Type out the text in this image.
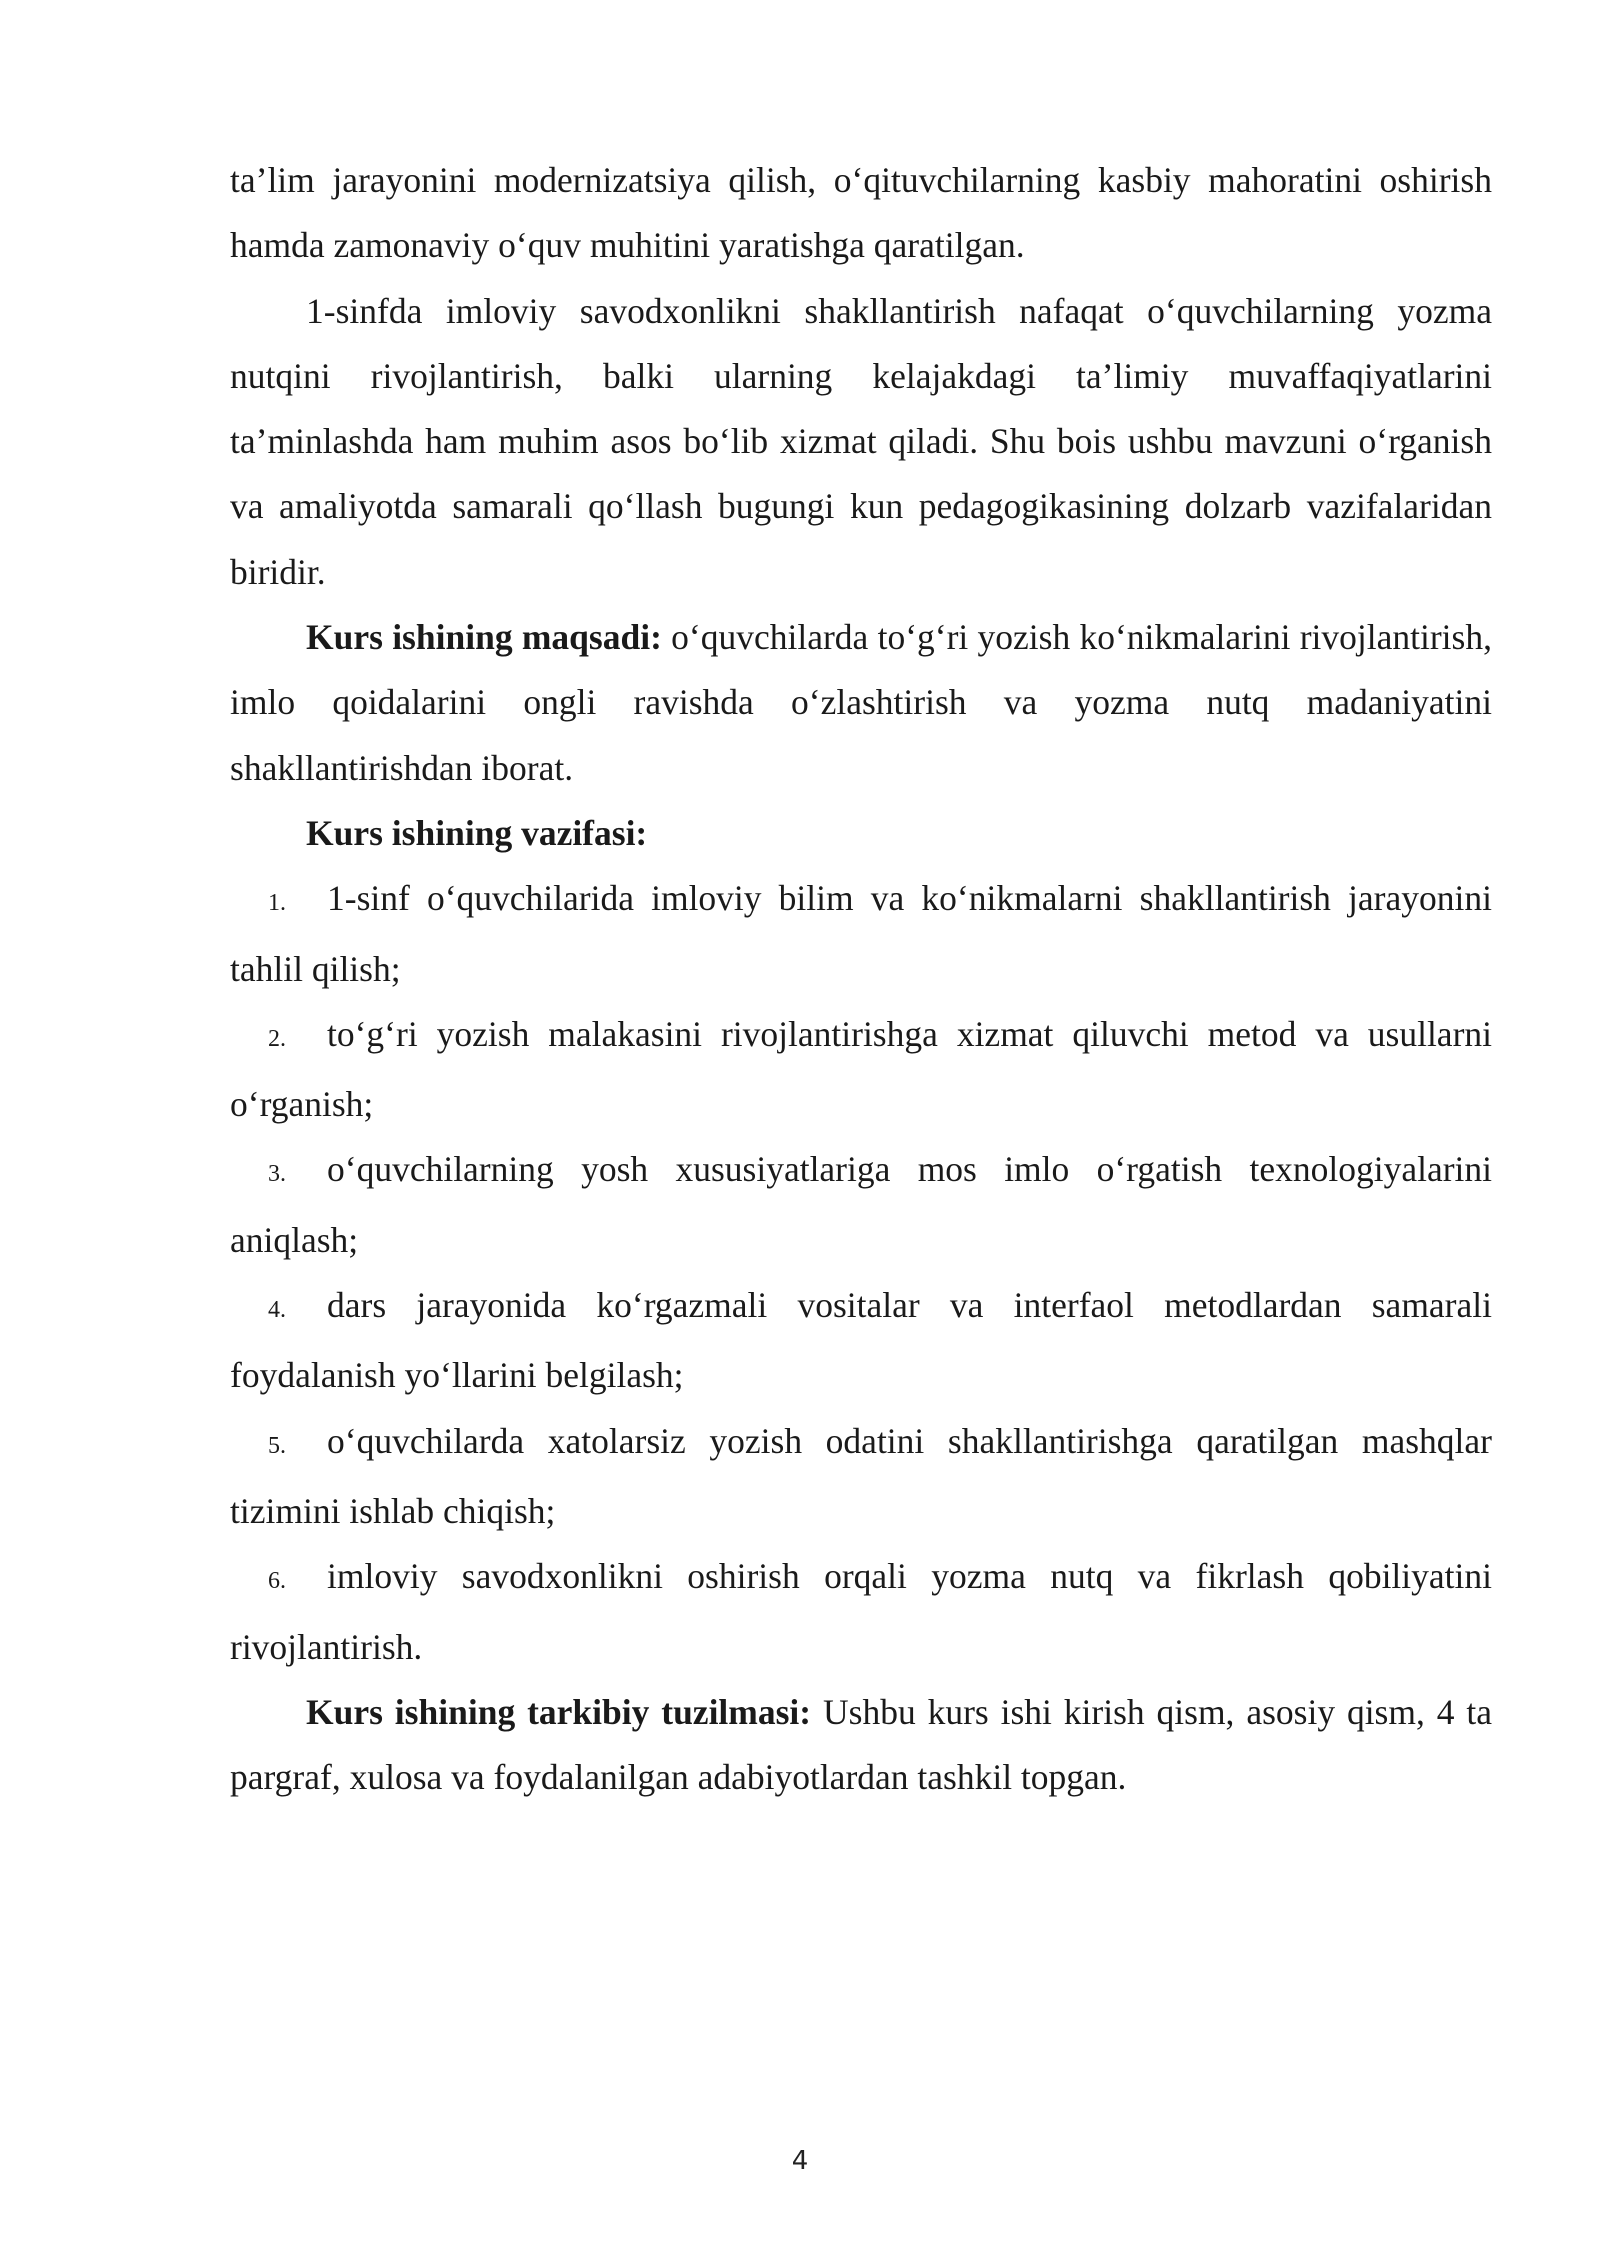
ta’lim jarayonini modernizatsiya qilish, o‘qituvchilarning kasbiy mahoratini oshirish hamda zamonaviy o‘quv muhitini yaratishga qaratilgan.

1-sinfda imloviy savodxonlikni shakllantirish nafaqat o‘quvchilarning yozma nutqini rivojlantirish, balki ularning kelajakdagi ta’limiy muvaffaqiyatlarini ta’minlashda ham muhim asos bo‘lib xizmat qiladi. Shu bois ushbu mavzuni o‘rganish va amaliyotda samarali qo‘llash bugungi kun pedagogikasining dolzarb vazifalaridan biridir.

Kurs ishining maqsadi: o‘quvchilarda to‘g‘ri yozish ko‘nikmalarini rivojlantirish, imlo qoidalarini ongli ravishda o‘zlashtirish va yozma nutq madaniyatini shakllantirishdan iborat.

Kurs ishining vazifasi:

1. 1-sinf o‘quvchilarida imloviy bilim va ko‘nikmalarni shakllantirish jarayonini tahlil qilish;

2. to‘g‘ri yozish malakasini rivojlantirishga xizmat qiluvchi metod va usullarni o‘rganish;

3. o‘quvchilarning yosh xususiyatlariga mos imlo o‘rgatish texnologiyalarini aniqlash;

4. dars jarayonida ko‘rgazmali vositalar va interfaol metodlardan samarali foydalanish yo‘llarini belgilash;

5. o‘quvchilarda xatolarsiz yozish odatini shakllantirishga qaratilgan mashqlar tizimini ishlab chiqish;

6. imloviy savodxonlikni oshirish orqali yozma nutq va fikrlash qobiliyatini rivojlantirish.

Kurs ishining tarkibiy tuzilmasi: Ushbu kurs ishi kirish qism, asosiy qism, 4 ta pargraf, xulosa va foydalanilgan adabiyotlardan tashkil topgan.

4
